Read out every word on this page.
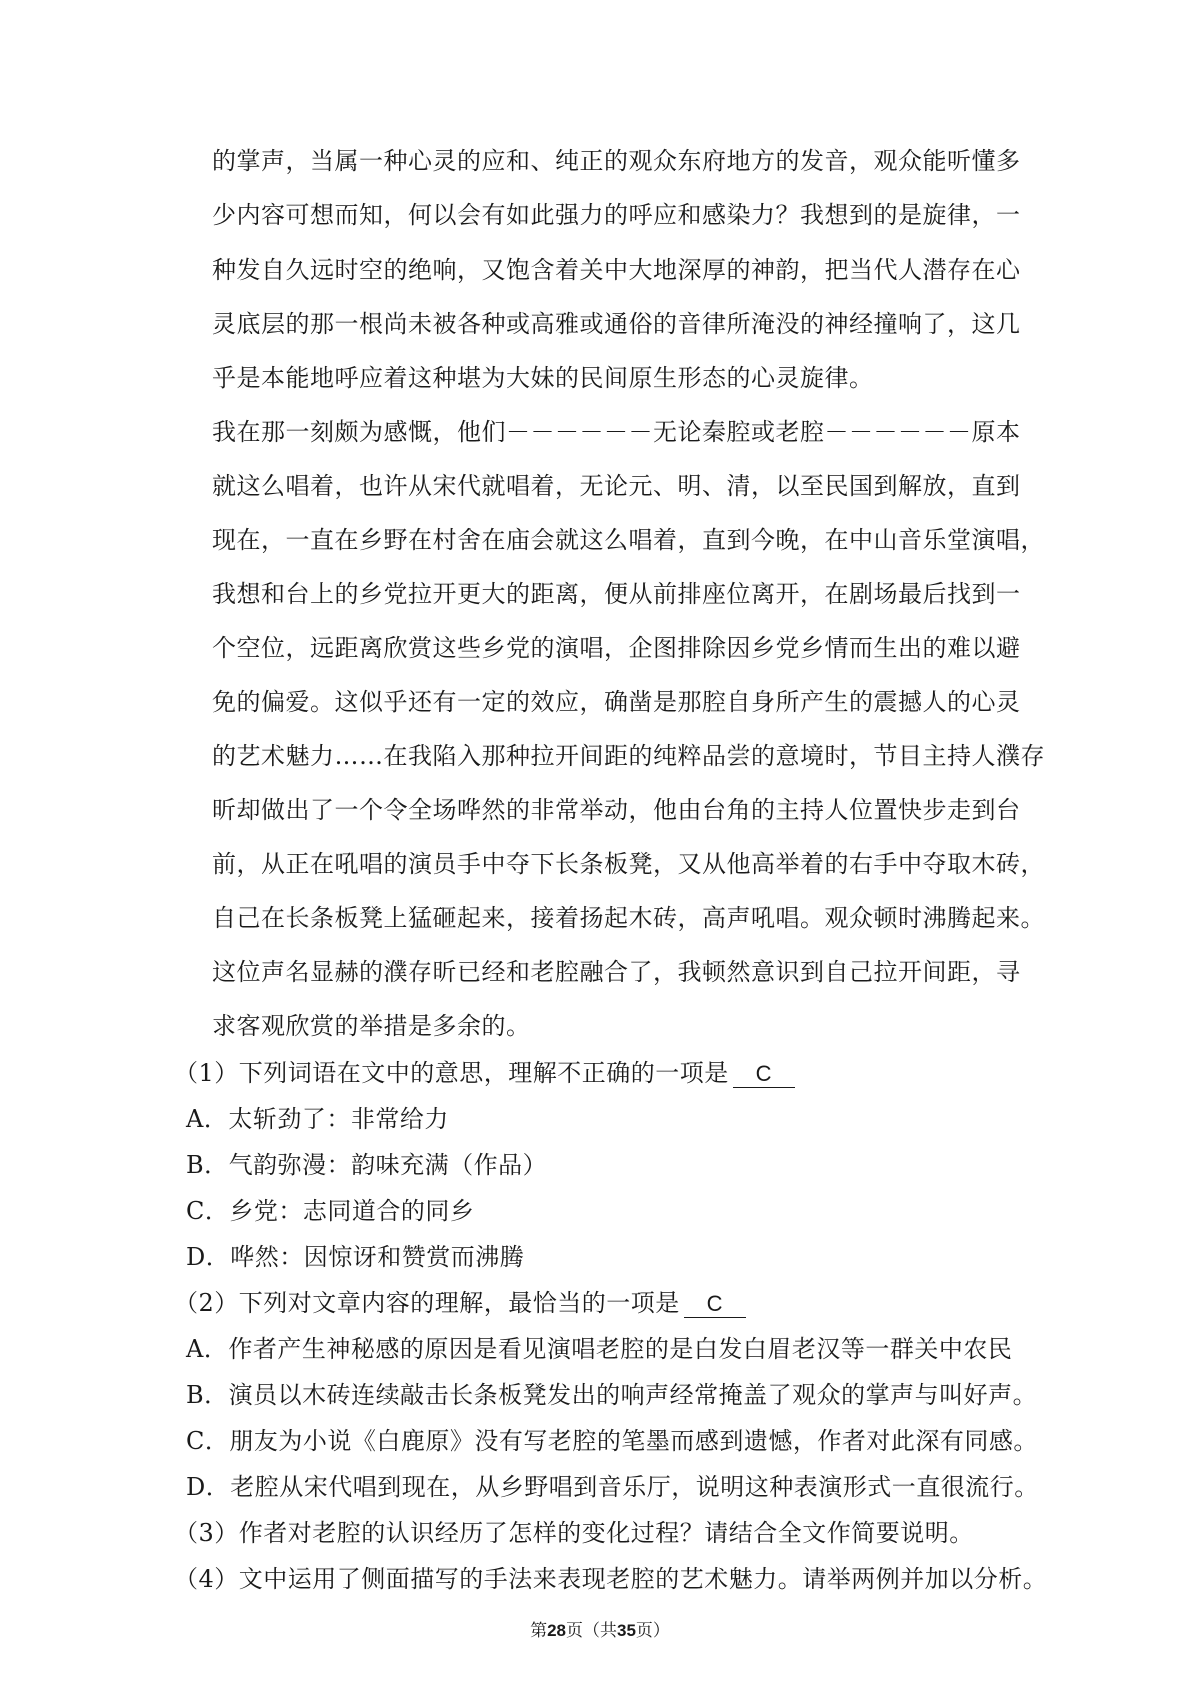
的掌声，当属一种心灵的应和、纯正的观众东府地方的发音，观众能听懂多
少内容可想而知，何以会有如此强力的呼应和感染力？我想到的是旋律，一
种发自久远时空的绝响，又饱含着关中大地深厚的神韵，把当代人潜存在心
灵底层的那一根尚未被各种或高雅或通俗的音律所淹没的神经撞响了，这几
乎是本能地呼应着这种堪为大妹的民间原生形态的心灵旋律。
我在那一刻颇为感慨，他们－－－－－－无论秦腔或老腔－－－－－－原本
就这么唱着，也许从宋代就唱着，无论元、明、清，以至民国到解放，直到
现在，一直在乡野在村舍在庙会就这么唱着，直到今晚，在中山音乐堂演唱，
我想和台上的乡党拉开更大的距离，便从前排座位离开，在剧场最后找到一
个空位，远距离欣赏这些乡党的演唱，企图排除因乡党乡情而生出的难以避
免的偏爱。这似乎还有一定的效应，确凿是那腔自身所产生的震撼人的心灵
的艺术魅力……在我陷入那种拉开间距的纯粹品尝的意境时，节目主持人濮存
昕却做出了一个令全场哗然的非常举动，他由台角的主持人位置快步走到台
前，从正在吼唱的演员手中夺下长条板凳，又从他高举着的右手中夺取木砖，
自己在长条板凳上猛砸起来，接着扬起木砖，高声吼唱。观众顿时沸腾起来。
这位声名显赫的濮存昕已经和老腔融合了，我顿然意识到自己拉开间距，寻
求客观欣赏的举措是多余的。
（1）下列词语在文中的意思，理解不正确的一项是 C
A．太斩劲了：非常给力
B．气韵弥漫：韵味充满（作品）
C．乡党：志同道合的同乡
D．哗然：因惊讶和赞赏而沸腾
（2）下列对文章内容的理解，最恰当的一项是 C
A．作者产生神秘感的原因是看见演唱老腔的是白发白眉老汉等一群关中农民
B．演员以木砖连续敲击长条板凳发出的响声经常掩盖了观众的掌声与叫好声。
C．朋友为小说《白鹿原》没有写老腔的笔墨而感到遗憾，作者对此深有同感。
D．老腔从宋代唱到现在，从乡野唱到音乐厅，说明这种表演形式一直很流行。
（3）作者对老腔的认识经历了怎样的变化过程？请结合全文作简要说明。
（4）文中运用了侧面描写的手法来表现老腔的艺术魅力。请举两例并加以分析。
第28页（共35页）
